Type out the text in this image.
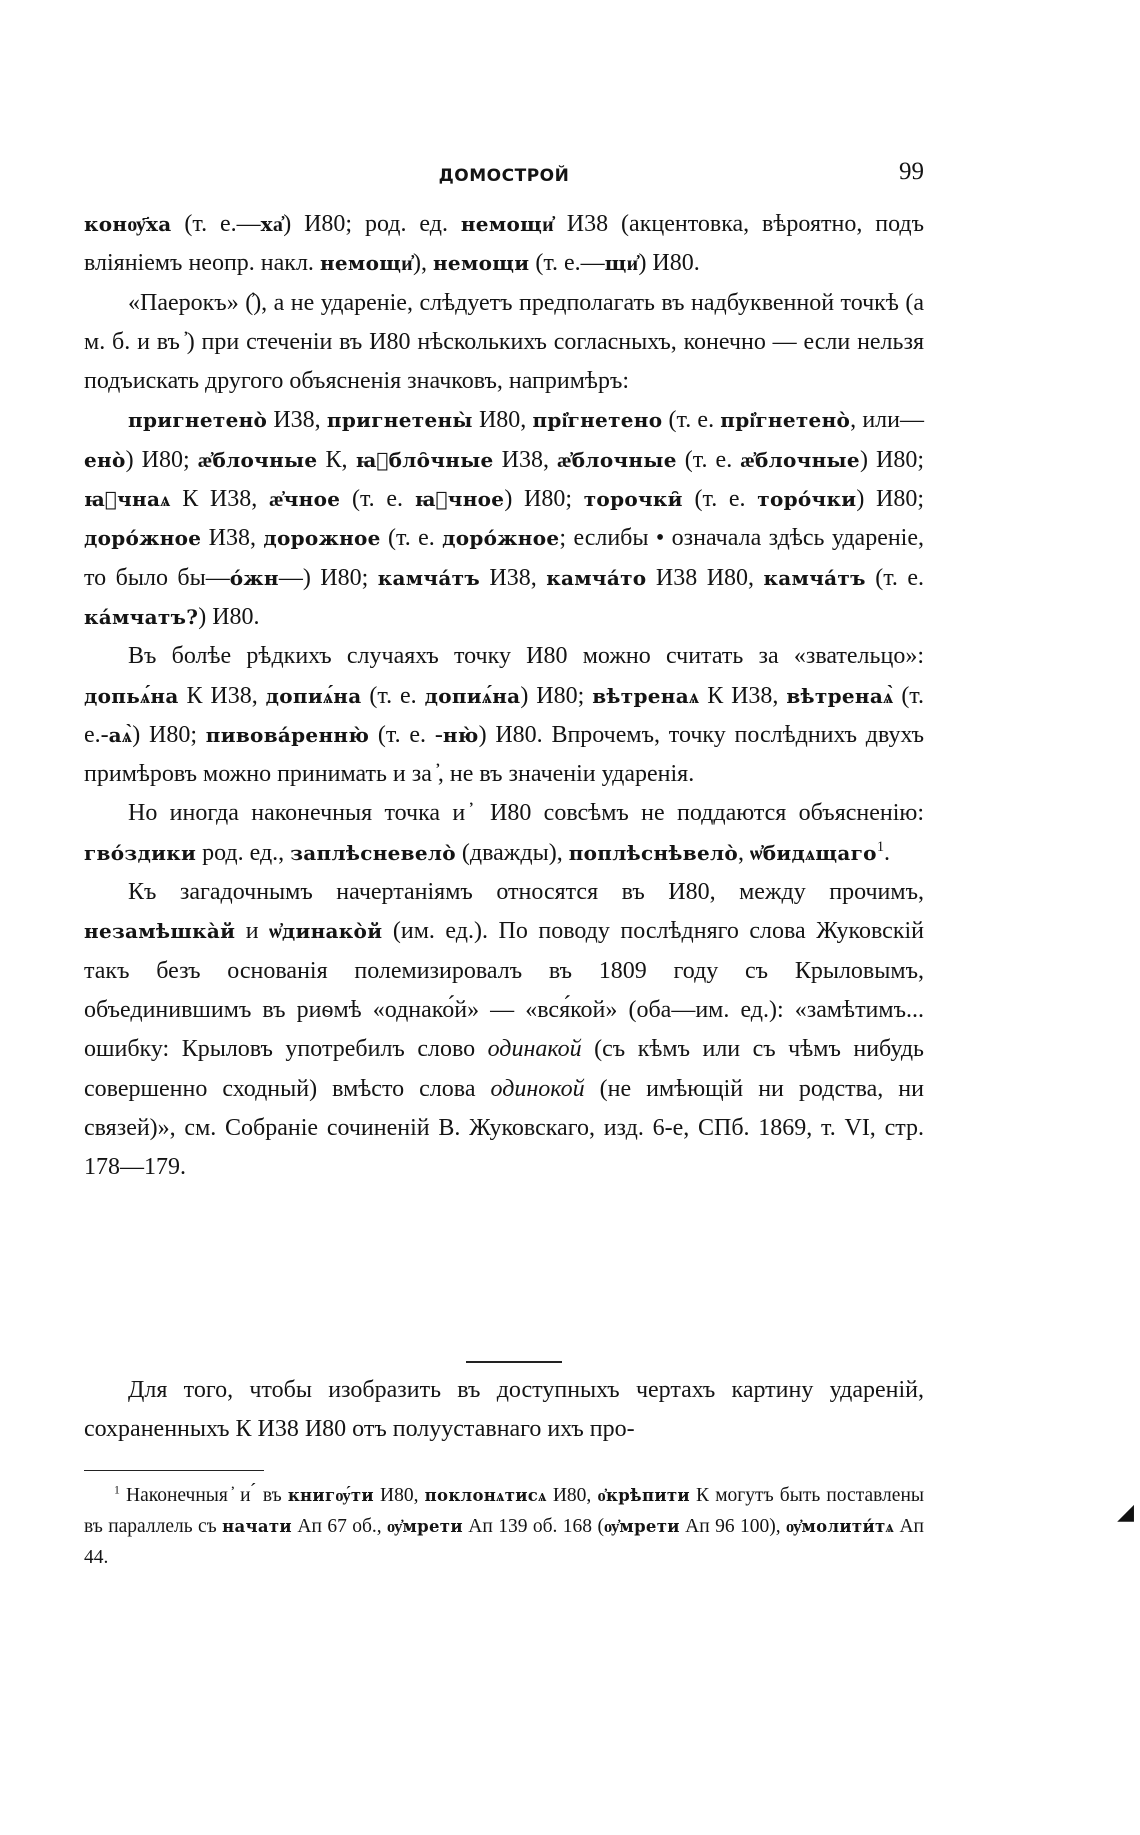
ДОМОСТРОЙ	99

конѹ҃ха (т. е.—ха҆) И80; род. ед. немощи҆ И38 (акцентовка, вѣроятно, подъ вліяніемъ неопр. накл. немощи҆), немощи (т. е.—щи҆) И80.

«Паерокъ» (҆), а не удареніе, слѣдуетъ предполагать въ надбуквенной точкѣ (а м. б. и въ ҆) при стеченіи въ И80 нѣсколькихъ согласныхъ, конечно — если нельзя подъискать другого объясненія значковъ, напримѣръ:

пригнетено̀ И38, пригнетены̀ И80, прі҆гнетено (т. е. прі҆гнетено̀, или—ено̀) И80; ӕ҆блочные К, ꙗ҆бло̑чные И38, ӕ҆блочные (т. е. ӕ҆блочные) И80; ꙗ҆чнаѧ К И38, ӕ҆чное (т. е. ꙗ҆чное) И80; торочки̑ (т. е. торо́чки) И80; доро́жное И38, дорожное (т. е. доро́жное; еслибы • означала здѣсь удареніе, то было бы—о́жн—) И80; камча́тъ И38, камча́то И38 И80, камча́тъ (т. е. ка́мчатъ?) И80.

Въ болѣе рѣдкихъ случаяхъ точку И80 можно считать за «звательцо»: допьѧ́на К И38, допиѧ́на (т. е. допиѧ́на) И80; вѣтренаѧ К И38, вѣтренаѧ̀ (т. е.-аѧ̀) И80; пивова́ренню̀ (т. е. -ню̀) И80. Впрочемъ, точку послѣднихъ двухъ примѣровъ можно принимать и за ҆, не въ значеніи ударенія.

Но иногда наконечныя точка и ҆ И80 совсѣмъ не поддаются объясненію: гво́здики род. ед., заплѣсневело̀ (дважды), поплѣснѣвело̀, ѡ҆бидѧщаго$^1$.

Къ загадочнымъ начертаніямъ относятся въ И80, между прочимъ, незамѣшка̀й и ѡ҆динако̀й (им. ед.). По поводу послѣдняго слова Жуковскій такъ безъ основанія полемизировалъ въ 1809 году съ Крыловымъ, объединившимъ въ риѳмѣ «однако́й» — «вся́кой» (оба—им. ед.): «замѣтимъ... ошибку: Крыловъ употребилъ слово одинакой (съ кѣмъ или съ чѣмъ нибудь совершенно сходный) вмѣсто слова одинокой (не имѣющій ни родства, ни связей)», см. Собраніе сочиненій В. Жуковскаго, изд. 6-е, СПб. 1869, т. VI, стр. 178—179.

Для того, чтобы изобразить въ доступныхъ чертахъ картину удареній, сохраненныхъ К И38 И80 отъ полууставнаго ихъ про-

$^1$ Наконечныя ҆ и ́ въ книгѹ́ти И80, поклонѧтисѧ И80, о҆крѣпити К могутъ быть поставлены въ параллель съ начати Ап 67 об., ѹ҆мрети Ап 139 об. 168 (ѹ҆мрети Ап 96 100), ѹ҆молити́тѧ Ап 44.

◢
